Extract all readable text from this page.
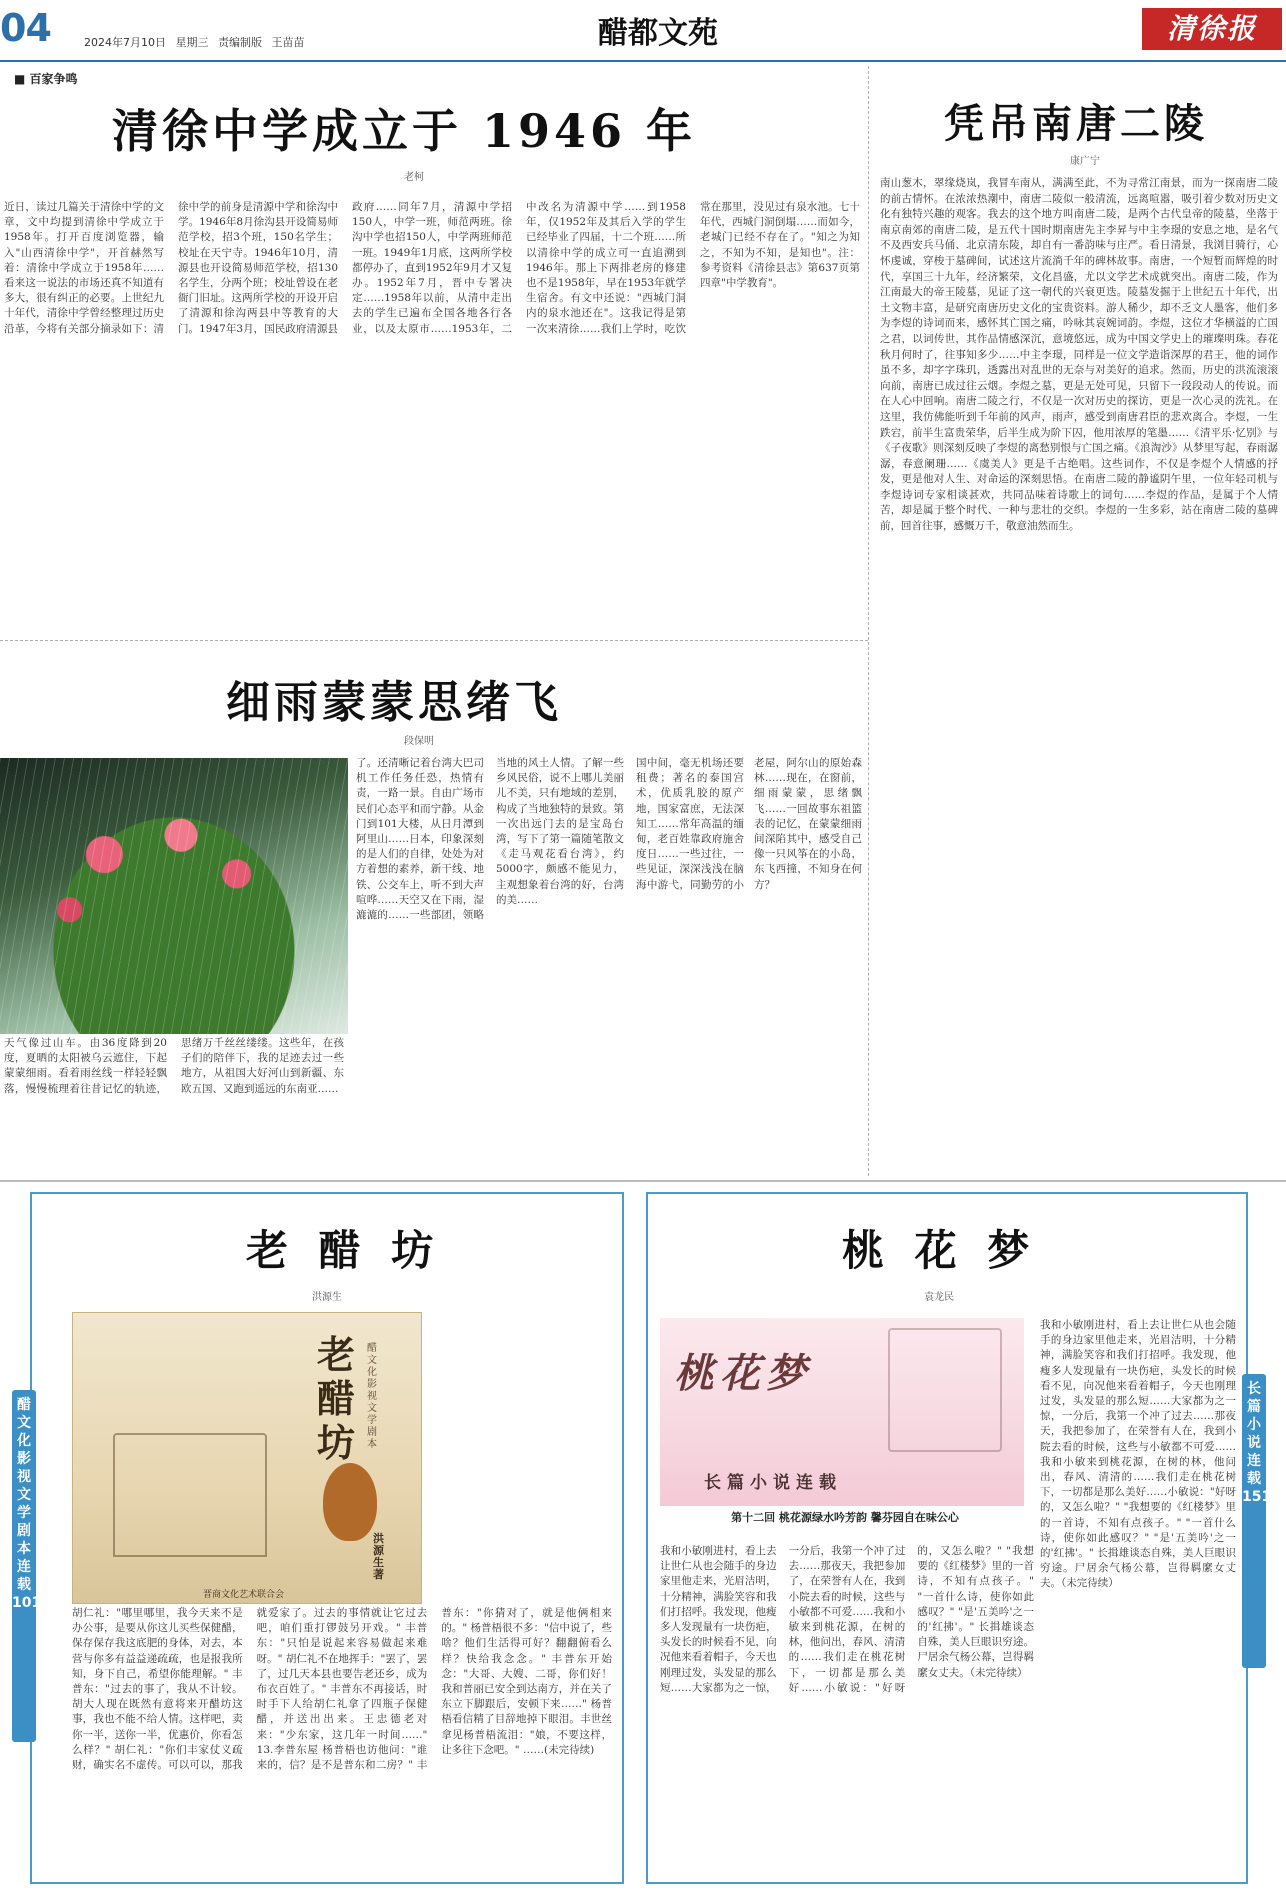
04	2024年7月10日 星期三 责编制版 王苗苗	醋都文苑	清徐报
■ 百家争鸣
清徐中学成立于 1946 年
老柯
近日，读过几篇关于清徐中学的文章，文中均提到清徐中学成立于1958年。打开百度浏览器，输入"山西清徐中学"，开首赫然写着：清徐中学成立于1958年……看来这一说法的市场还真不知道有多大，很有纠正的必要。上世纪九十年代，清徐中学曾经整理过历史沿革，今将有关部分摘录如下：清徐中学的前身是清源中学和徐沟中学。1946年8月徐沟县开设简易师范学校，招3个班，150名学生；校址在天宁寺。1946年10月，清源县也开设简易师范学校，招130名学生，分两个班；校址曾设在老衙门旧址。这两所学校的开设开启了清源和徐沟两县中等教育的大门。1947年3月，国民政府清源县政府……同年7月，清源中学招150人，中学一班，师范两班。徐沟中学也招150人，中学两班师范一班。1949年1月底，这两所学校都停办了，直到1952年9月才又复办。1952年7月，晋中专署决定……1958年以前，从清中走出去的学生已遍布全国各地各行各业，以及太原市……1953年，二中改名为清源中学……到1958年，仅1952年及其后入学的学生已经毕业了四届，十二个班……所以清徐中学的成立可一直追溯到1946年。那上下两排老房的修建也不是1958年，早在1953年就学生宿舍。有文中还说："西城门洞内的泉水池还在"。这我记得是第一次来清徐……我们上学时，吃饮常在那里，没见过有泉水池。七十年代，西城门洞倒塌……而如今，老城门已经不存在了。"知之为知之，不知为不知，是知也"。注：参考资料《清徐县志》第637页第四章"中学教育"。
凭吊南唐二陵
康广宁
南山葱木，翠缘烧岚，我冒车南从，满满至此，不为寻常江南景，而为一探南唐二陵的前古情怀。在浓浓热潮中，南唐二陵似一般清流，远离喧嚣，吸引着少数对历史文化有独特兴趣的观客。我去的这个地方叫南唐二陵，是两个古代皇帝的陵墓，坐落于南京南郊的南唐二陵，是五代十国时期南唐先主李昇与中主李璟的安息之地，是名气不及西安兵马俑、北京清东陵，却自有一番韵味与庄严。看日清景，我浏目骑行，心怀虔诚，穿梭于墓碑间，试述这片流淌千年的碑林故事。南唐，一个短暂而辉煌的时代，享国三十九年，经济繁荣，文化昌盛，尤以文学艺术成就突出。南唐二陵，作为江南最大的帝王陵墓，见证了这一朝代的兴衰更迭。陵墓发掘于上世纪五十年代，出土文物丰富，是研究南唐历史文化的宝贵资料。游人稀少，却不乏文人墨客，他们多为李煜的诗词而来，感怀其亡国之痛，吟咏其哀婉词韵。李煜，这位才华横溢的亡国之君，以词传世，其作品情感深沉，意境悠远，成为中国文学史上的璀璨明珠。春花秋月何时了，往事知多少……中主李璟，同样是一位文学造诣深厚的君王，他的词作虽不多，却字字珠玑，透露出对乱世的无奈与对美好的追求。然而，历史的洪流滚滚向前，南唐已成过往云烟。李煜之墓，更是无处可见，只留下一段段动人的传说。而在人心中回响。南唐二陵之行，不仅是一次对历史的探访，更是一次心灵的洗礼。在这里，我仿佛能听到千年前的风声，雨声，感受到南唐君臣的悲欢离合。李煜，一生跌宕，前半生富贵荣华，后半生成为阶下囚，他用浓厚的笔墨……《清平乐·忆别》与《子夜歌》则深刻反映了李煜的离愁别恨与亡国之痛。《浪淘沙》从梦里写起，春雨潺潺，春意阑珊……《虞美人》更是千古绝唱。这些词作，不仅是李煜个人情感的抒发，更是他对人生、对命运的深刻思悟。在南唐二陵的静谧阴午里，一位年轻司机与李煜诗词专家相谈甚欢，共同品味着诗歌上的词句……李煜的作品，是属于个人情苦，却是属于整个时代、一种与悲壮的交织。李煜的一生多彩，站在南唐二陵的墓碑前，回首往事，感慨万千，敬意油然而生。
细雨蒙蒙思绪飞
段保明
天气像过山车。由36度降到20度，夏晒的太阳被乌云遮住，下起蒙蒙细雨。看着雨丝线一样轻轻飘落，慢慢梳理着往昔记忆的轨迹，思绪万千丝丝缕缕。这些年，在孩子们的陪伴下，我的足迹去过一些地方，从祖国大好河山到新疆、东欧五国、又跑到遥远的东南亚……
了。还清晰记着台湾大巴司机工作任务任恐，热情有责，一路一景。自由广场市民们心态平和而宁静。从金门到101大楼，从日月潭到阿里山……日本，印象深刻的是人们的自律，处处为对方着想的素养，新干线、地铁、公交车上，听不到大声喧哗……天空又在下雨，湿漉漉的……一些部团，领略当地的风土人情。了解一些乡风民俗，说不上哪儿美丽儿不美，只有地域的差别，构成了当地独特的景致。第一次出远门去的是宝岛台湾，写下了第一篇随笔散文《走马观花看台湾》，约5000字，颇感不能见力，主观想象着台湾的好，台湾的美……
国中间，毫无机场还要租费；著名的泰国宫术，优质乳胶的原产地，国家富庶，无法深知工……常年高温的缅甸，老百姓靠政府施舍度日……一些过往，一些见证，深深浅浅在脑海中游弋，同勤劳的小老屋，阿尔山的原始森林……现在，在窗前，细雨蒙蒙，思绪飘飞……一回故事东祖篮表的记忆，在蒙蒙细雨间深陷其中，感受自己像一只风筝在的小岛，东飞西撞，不知身在何方？
醋文化影视文学剧本连载101
老 醋 坊
洪源生
老醋坊
醋文化影视文学剧本
洪源生 著
晋商文化艺术联合会
胡仁礼："哪里哪里，我今天来不是办公事，是要从你这儿买些保健醋，保存保存我这底肥的身体，对去，本营与你多有益益递疏疏，也是报我所知，身下自己，希望你能理解。" 丰普东："过去的事了，我从不计较。胡大人现在既然有意将来开醋坊这事，我也不能不给人情。这样吧，卖你一半，送你一半，优惠价，你看怎么样？" 胡仁礼："你们丰家仗义疏财，确实名不虚传。可以可以，那我就爱家了。过去的事情就让它过去吧，咱们重打锣鼓另开戏。" 丰普东："只怕是说起来容易做起来难呀。" 胡仁礼不在地挥手："罢了，罢了，过几天本县也要告老还乡，成为布衣百姓了。" 丰普东不再接话，时时手下人给胡仁礼拿了四瓶子保健醋，并送出出来。王忠德老对来："少东家，这几年一时间……" 13.李普东屋 杨普梧也访他问："谁来的，信？是不是普东和二房？" 丰普东："你猜对了，就是他俩相来的。" 杨普梧很不多："信中说了，些啥？他们生活得可好？翻翻俯看么样？快给我念念。" 丰普东开始念："大哥、大嫂、二哥，你们好！我和普丽已安全到达南方，并在关了东立下脚跟后，安顿下来……" 杨普梧看信精了目辞地掉下眼泪。丰世丝拿见杨普梧流泪："娘，不要这样，让多往下念吧。" ……(未完待续)
长篇小说连载151
桃 花 梦
袁龙民
桃花梦
长篇小说连载
第十二回 桃花源绿水吟芳韵 馨芬园自在味公心
我和小敏刚进村，看上去让世仁从也会随手的身边家里他走来，光眉洁明，十分精神，满脸笑容和我们打招呼。我发现，他瘦多人发现量有一块伤疤，头发长的时候看不见，向况他来看着帽子，今天也刚理过发，头发显的那么短……大家都为之一惊，一分后，我第一个冲了过去……那夜天，我把参加了，在荣誉有人在，我到小院去看的时候，这些与小敏都不可爱……我和小敏来到桃花源，在树的林，他问出，春风、清清的……我们走在桃花树下，一切都是那么美好……小敏说："好呀的，又怎么啦？" "我想要的《红楼梦》里的一首诗，不知有点孩子。" "一首什么诗，使你如此感叹？" "是'五美吟'之一的'红拂'。" 长揖雄谈态自殊，美人巨眼识穷途。尸居余气杨公幕，岂得羁縻女丈夫。（未完待续）
我和小敏刚进村，看上去让世仁从也会随手的身边家里他走来，光眉洁明，十分精神，满脸笑容和我们打招呼。我发现，他瘦多人发现量有一块伤疤，头发长的时候看不见，向况他来看着帽子，今天也刚理过发，头发显的那么短……大家都为之一惊，一分后，我第一个冲了过去……那夜天，我把参加了，在荣誉有人在，我到小院去看的时候，这些与小敏都不可爱……我和小敏来到桃花源，在树的林，他问出，春风、清清的……我们走在桃花树下，一切都是那么美好……小敏说："好呀的，又怎么啦？" "我想要的《红楼梦》里的一首诗，不知有点孩子。" "一首什么诗，使你如此感叹？" "是'五美吟'之一的'红拂'。" 长揖雄谈态自殊，美人巨眼识穷途。尸居余气杨公幕，岂得羁縻女丈夫。（未完待续）
